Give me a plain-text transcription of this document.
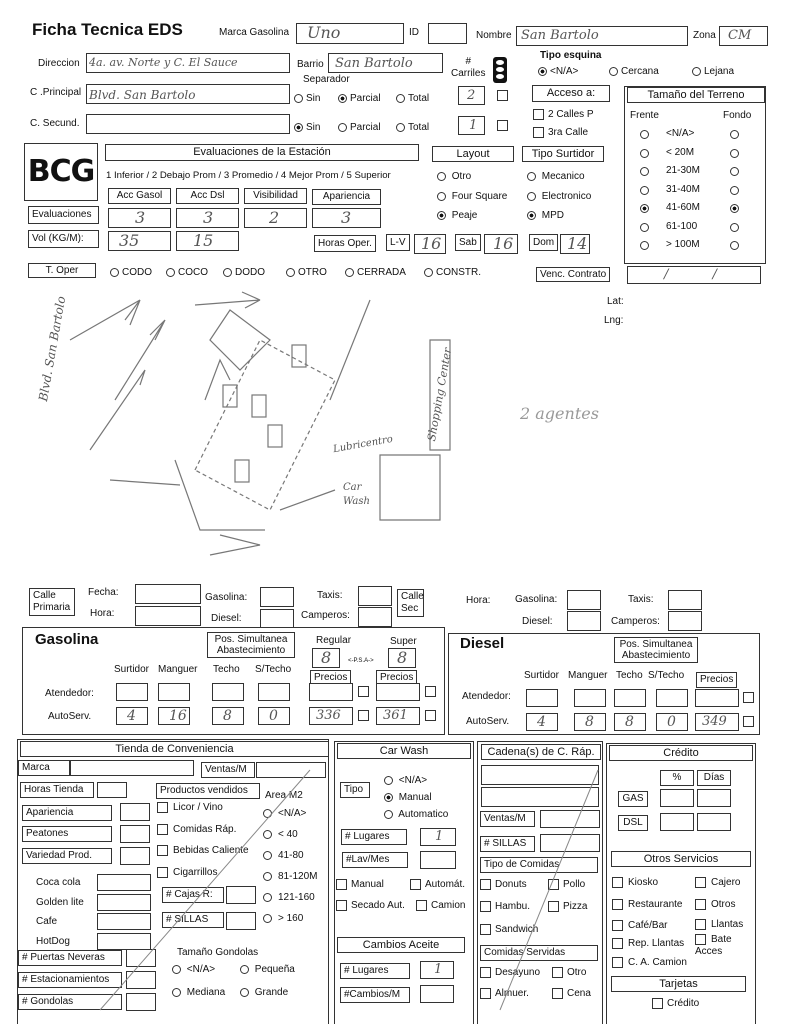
Ficha Tecnica EDS	Marca Gasolina Uno	ID	Nombre San Bartolo	Zona CM
Direccion 4a. av. Norte y C. El Sauce	Barrio San Bartolo
Separador
#
Carriles
Tipo esquina
<N/A>	Cercana	Lejana
C .Principal Blvd. San Bartolo	Sin	Parcial	Total	2
C. Secund.	Sin	Parcial	Total	1
Acceso a:
2 Calles P
3ra Calle
Tamaño del Terreno
Frente	Fondo
<N/A>
< 20M
21-30M
31-40M
41-60M
61-100
> 100M
BCG
Evaluaciones de la Estación
1 Inferior / 2 Debajo Prom / 3 Promedio / 4 Mejor Prom / 5 Superior
Acc Gasol	Acc Dsl	Visibilidad	Apariencia
Evaluaciones	3	3	2	3
Vol (KG/M):	35	15
Layout	Tipo Surtidor
Otro
Four Square
Peaje
Mecanico
Electronico
MPD
Horas Oper.	L-V 16	Sab 16	Dom 14
T. Oper	CODO	COCO	DODO	OTRO	CERRADA	CONSTR.	Venc. Contrato	/ /
Lat:
Lng:
Blvd. San Bartolo	Shopping Center
Lubricentro
Car Wash
2 agentes
Calle Primaria
Fecha:
Hora:
Gasolina:
Diesel:
Taxis:
Camperos:
Calle Sec
Hora: Gasolina:
Diesel:
Taxis:
Camperos:
Gasolina	Pos. Simultanea
Abastecimiento
Regular	Super
8	<-P.S.A-> 8
Surtidor Manguer Techo S/Techo
Precios	Precios
Atendedor:
AutoServ.	4 16	8	0	336	361
Diesel	Pos. Simultanea
Abastecimiento
Surtidor Manguer Techo S/Techo	Precios
Atendedor:
AutoServ. 4	8 8 0 349
Tienda de Conveniencia
Marca	Ventas/M
Horas Tienda
Apariencia
Peatones
Variedad Prod.
Productos vendidos
Licor / Vino
Comidas Ráp.
Bebidas Caliente
Cigarrillos
Area M2
<N/A>
< 40
41-80
81-120M
121-160
> 160
Coca cola
Golden lite
Cafe
HotDog
# Cajas R:
# SILLAS
# Puertas Neveras
# Estacionamientos
# Gondolas
Tamaño Gondolas
<N/A>	Pequeña
Mediana	Grande
Car Wash
Tipo
<N/A>
Manual
Automatico
# Lugares	1
#Lav/Mes
Manual	Automát.
Secado Aut.	Camion
Cambios Aceite
# Lugares	1
#Cambios/M
Cadena(s) de C. Ráp.
Ventas/M
# SILLAS
Tipo de Comidas
Donuts	Pollo
Hambu.	Pizza
Sandwich
Comidas Servidas
Desayuno	Otro
Almuer.	Cena
Crédito
%	Días
GAS
DSL
Otros Servicios
Kiosko	Cajero
Restaurante	Otros
Café/Bar	Llantas
Rep. Llantas	Bate Acces
C. A. Camion
Tarjetas
Crédito
